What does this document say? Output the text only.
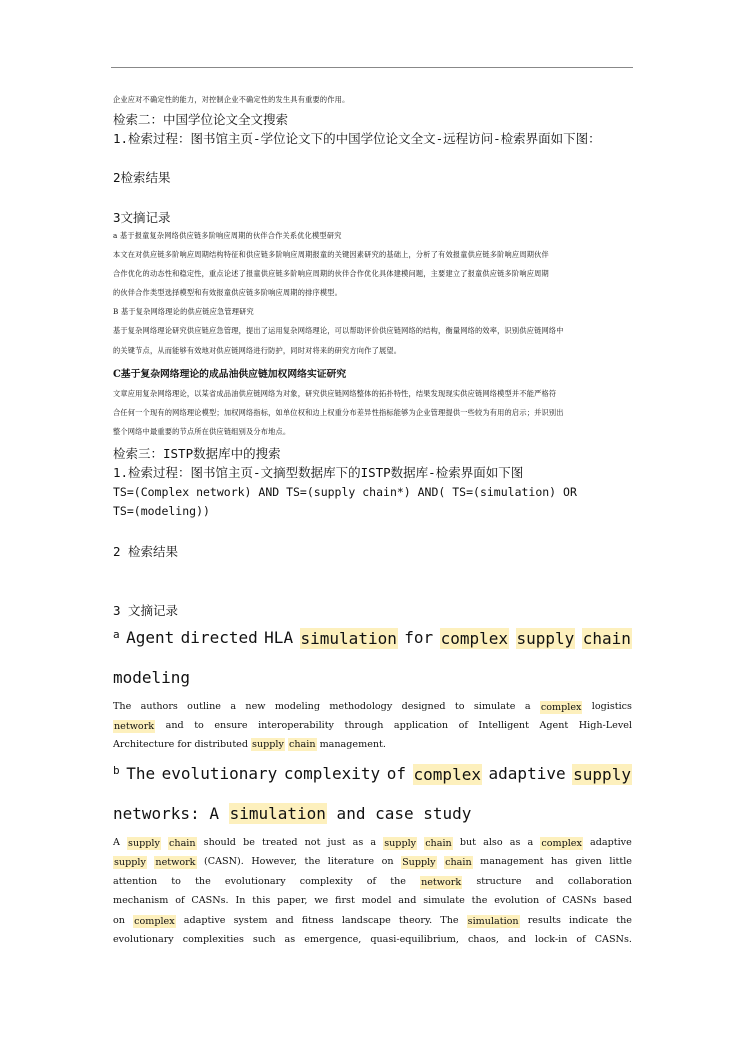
企业应对不确定性的能力，对控制企业不确定性的发生具有重要的作用。
检索二：中国学位论文全文搜索
1.检索过程：图书馆主页-学位论文下的中国学位论文全文-远程访问-检索界面如下图：
2检索结果
3文摘记录
a 基于报童复杂网络供应链多阶响应周期的伙伴合作关系优化模型研究
本文在对供应链多阶响应周期结构特征和供应链多阶响应周期报童的关键因素研究的基础上，分析了有效报童供应链多阶响应周期伙伴
合作优化的动态性和稳定性，重点论述了报童供应链多阶响应周期的伙伴合作优化具体建模问题，主要建立了报童供应链多阶响应周期
的伙伴合作类型选择模型和有效报童供应链多阶响应周期的排序模型。
B 基于复杂网络理论的供应链应急管理研究
基于复杂网络理论研究供应链应急管理，提出了运用复杂网络理论，可以帮助评价供应链网络的结构，衡量网络的效率，识别供应链网络中
的关键节点，从而能够有效地对供应链网络进行防护，同时对将来的研究方向作了展望。
C基于复杂网络理论的成品油供应链加权网络实证研究
文章应用复杂网络理论，以某省成品油供应链网络为对象，研究供应链网络整体的拓扑特性，结果发现现实供应链网络模型并不能严格符
合任何一个现有的网络理论模型；加权网络指标，如单位权和边上权重分布差异性指标能够为企业管理提供一些较为有用的启示；并识别出
整个网络中最重要的节点所在供应链组别及分布地点。
检索三：ISTP数据库中的搜索
1.检索过程：图书馆主页-文摘型数据库下的ISTP数据库-检索界面如下图
TS=(Complex network) AND TS=(supply chain*) AND( TS=(simulation) OR
TS=(modeling))
2 检索结果
3 文摘记录
a Agent directed HLA simulation for complex supply chain
modeling
The authors outline a new modeling methodology designed to simulate a complex logistics
network and to ensure interoperability through application of Intelligent Agent High-Level
Architecture for distributed supply chain management.
b The evolutionary complexity of complex adaptive supply
networks: A simulation and case study
A supply chain should be treated not just as a supply chain but also as a complex adaptive
supply network (CASN). However, the literature on Supply chain management has given little
attention to the evolutionary complexity of the network structure and collaboration
mechanism of CASNs. In this paper, we first model and simulate the evolution of CASNs based
on complex adaptive system and fitness landscape theory. The simulation results indicate the
evolutionary complexities such as emergence, quasi-equilibrium, chaos, and lock-in of CASNs.
